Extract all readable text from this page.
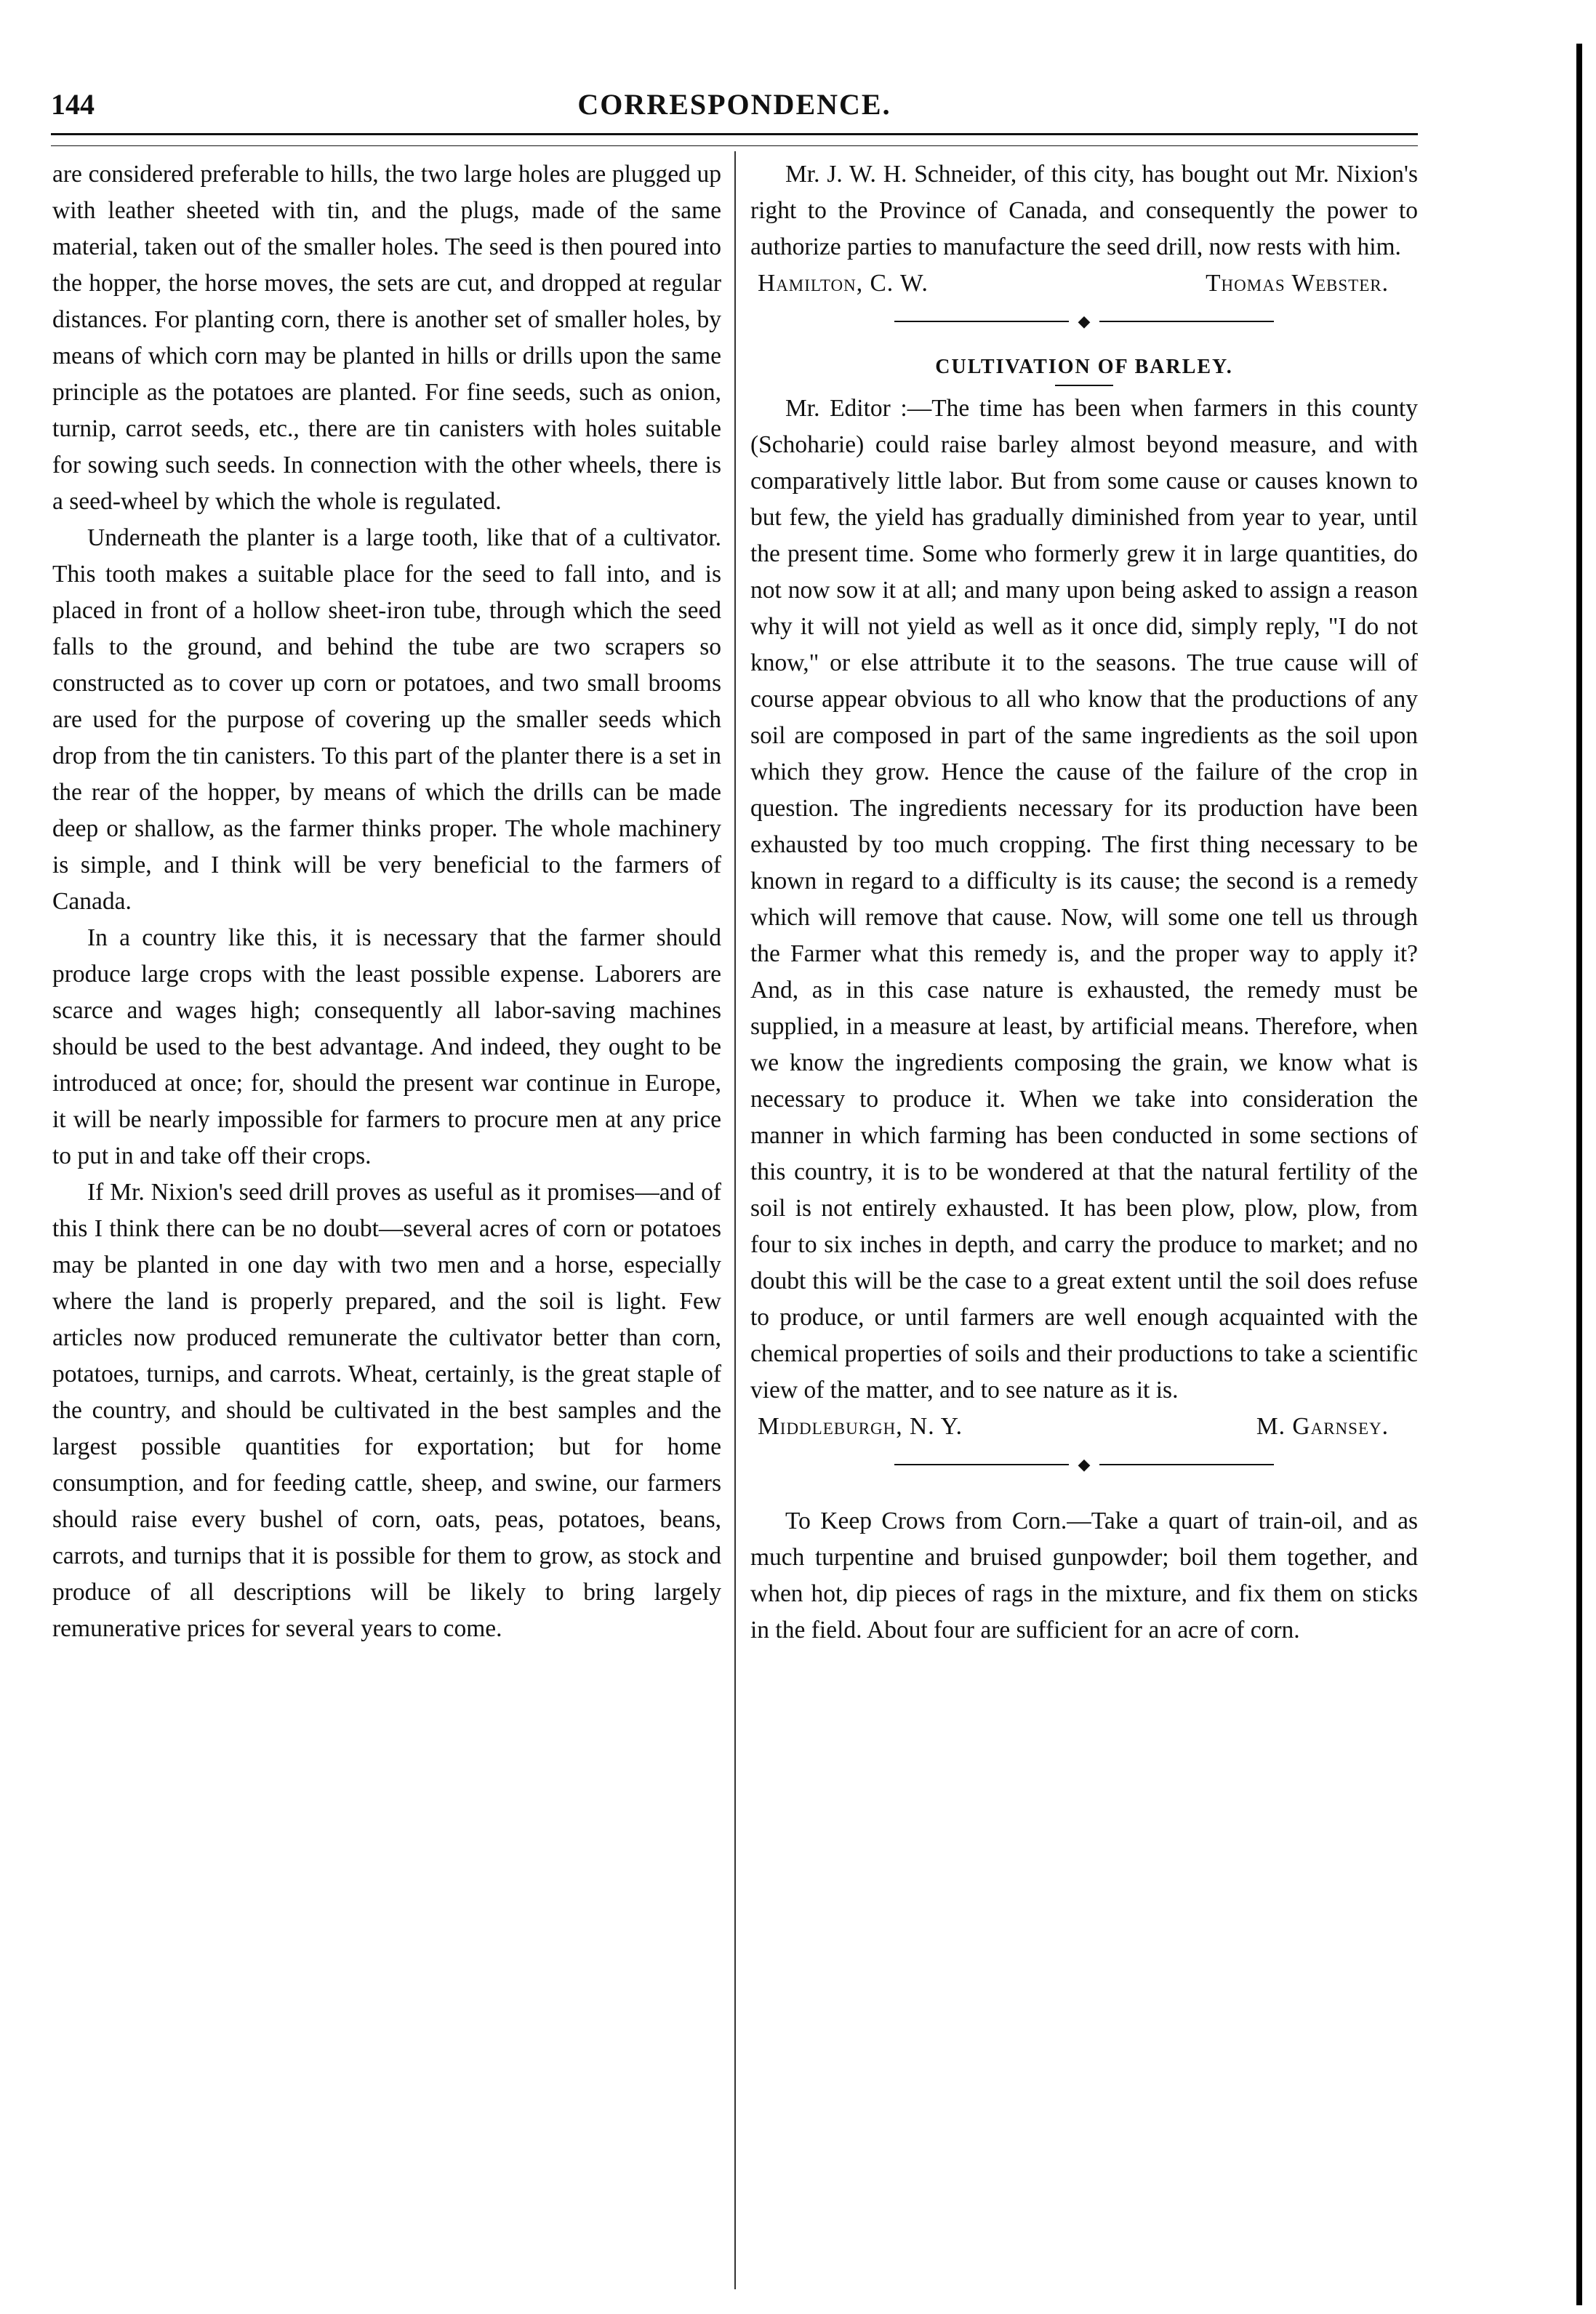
144	CORRESPONDENCE.

are considered preferable to hills, the two large holes are plugged up with leather sheeted with tin, and the plugs, made of the same material, taken out of the smaller holes. The seed is then poured into the hopper, the horse moves, the sets are cut, and dropped at regular distances. For planting corn, there is another set of smaller holes, by means of which corn may be planted in hills or drills upon the same principle as the potatoes are planted. For fine seeds, such as onion, turnip, carrot seeds, etc., there are tin canisters with holes suitable for sowing such seeds. In connection with the other wheels, there is a seed-wheel by which the whole is regulated.

Underneath the planter is a large tooth, like that of a cultivator. This tooth makes a suitable place for the seed to fall into, and is placed in front of a hollow sheet-iron tube, through which the seed falls to the ground, and behind the tube are two scrapers so constructed as to cover up corn or potatoes, and two small brooms are used for the purpose of covering up the smaller seeds which drop from the tin canisters. To this part of the planter there is a set in the rear of the hopper, by means of which the drills can be made deep or shallow, as the farmer thinks proper. The whole machinery is simple, and I think will be very beneficial to the farmers of Canada.

In a country like this, it is necessary that the farmer should produce large crops with the least possible expense. Laborers are scarce and wages high; consequently all labor-saving machines should be used to the best advantage. And indeed, they ought to be introduced at once; for, should the present war continue in Europe, it will be nearly impossible for farmers to procure men at any price to put in and take off their crops.

If Mr. Nixion's seed drill proves as useful as it promises—and of this I think there can be no doubt—several acres of corn or potatoes may be planted in one day with two men and a horse, especially where the land is properly prepared, and the soil is light. Few articles now produced remunerate the cultivator better than corn, potatoes, turnips, and carrots. Wheat, certainly, is the great staple of the country, and should be cultivated in the best samples and the largest possible quantities for exportation; but for home consumption, and for feeding cattle, sheep, and swine, our farmers should raise every bushel of corn, oats, peas, potatoes, beans, carrots, and turnips that it is possible for them to grow, as stock and produce of all descriptions will be likely to bring largely remunerative prices for several years to come.

Mr. J. W. H. Schneider, of this city, has bought out Mr. Nixion's right to the Province of Canada, and consequently the power to authorize parties to manufacture the seed drill, now rests with him.

Hamilton, C. W.	Thomas Webster.
◆
CULTIVATION OF BARLEY.

Mr. Editor :—The time has been when farmers in this county (Schoharie) could raise barley almost beyond measure, and with comparatively little labor. But from some cause or causes known to but few, the yield has gradually diminished from year to year, until the present time. Some who formerly grew it in large quantities, do not now sow it at all; and many upon being asked to assign a reason why it will not yield as well as it once did, simply reply, "I do not know," or else attribute it to the seasons. The true cause will of course appear obvious to all who know that the productions of any soil are composed in part of the same ingredients as the soil upon which they grow. Hence the cause of the failure of the crop in question. The ingredients necessary for its production have been exhausted by too much cropping. The first thing necessary to be known in regard to a difficulty is its cause; the second is a remedy which will remove that cause. Now, will some one tell us through the Farmer what this remedy is, and the proper way to apply it? And, as in this case nature is exhausted, the remedy must be supplied, in a measure at least, by artificial means. Therefore, when we know the ingredients composing the grain, we know what is necessary to produce it. When we take into consideration the manner in which farming has been conducted in some sections of this country, it is to be wondered at that the natural fertility of the soil is not entirely exhausted. It has been plow, plow, plow, from four to six inches in depth, and carry the produce to market; and no doubt this will be the case to a great extent until the soil does refuse to produce, or until farmers are well enough acquainted with the chemical properties of soils and their productions to take a scientific view of the matter, and to see nature as it is.

Middleburgh, N. Y.	M. Garnsey.
◆

To Keep Crows from Corn.—Take a quart of train-oil, and as much turpentine and bruised gunpowder; boil them together, and when hot, dip pieces of rags in the mixture, and fix them on sticks in the field. About four are sufficient for an acre of corn.
